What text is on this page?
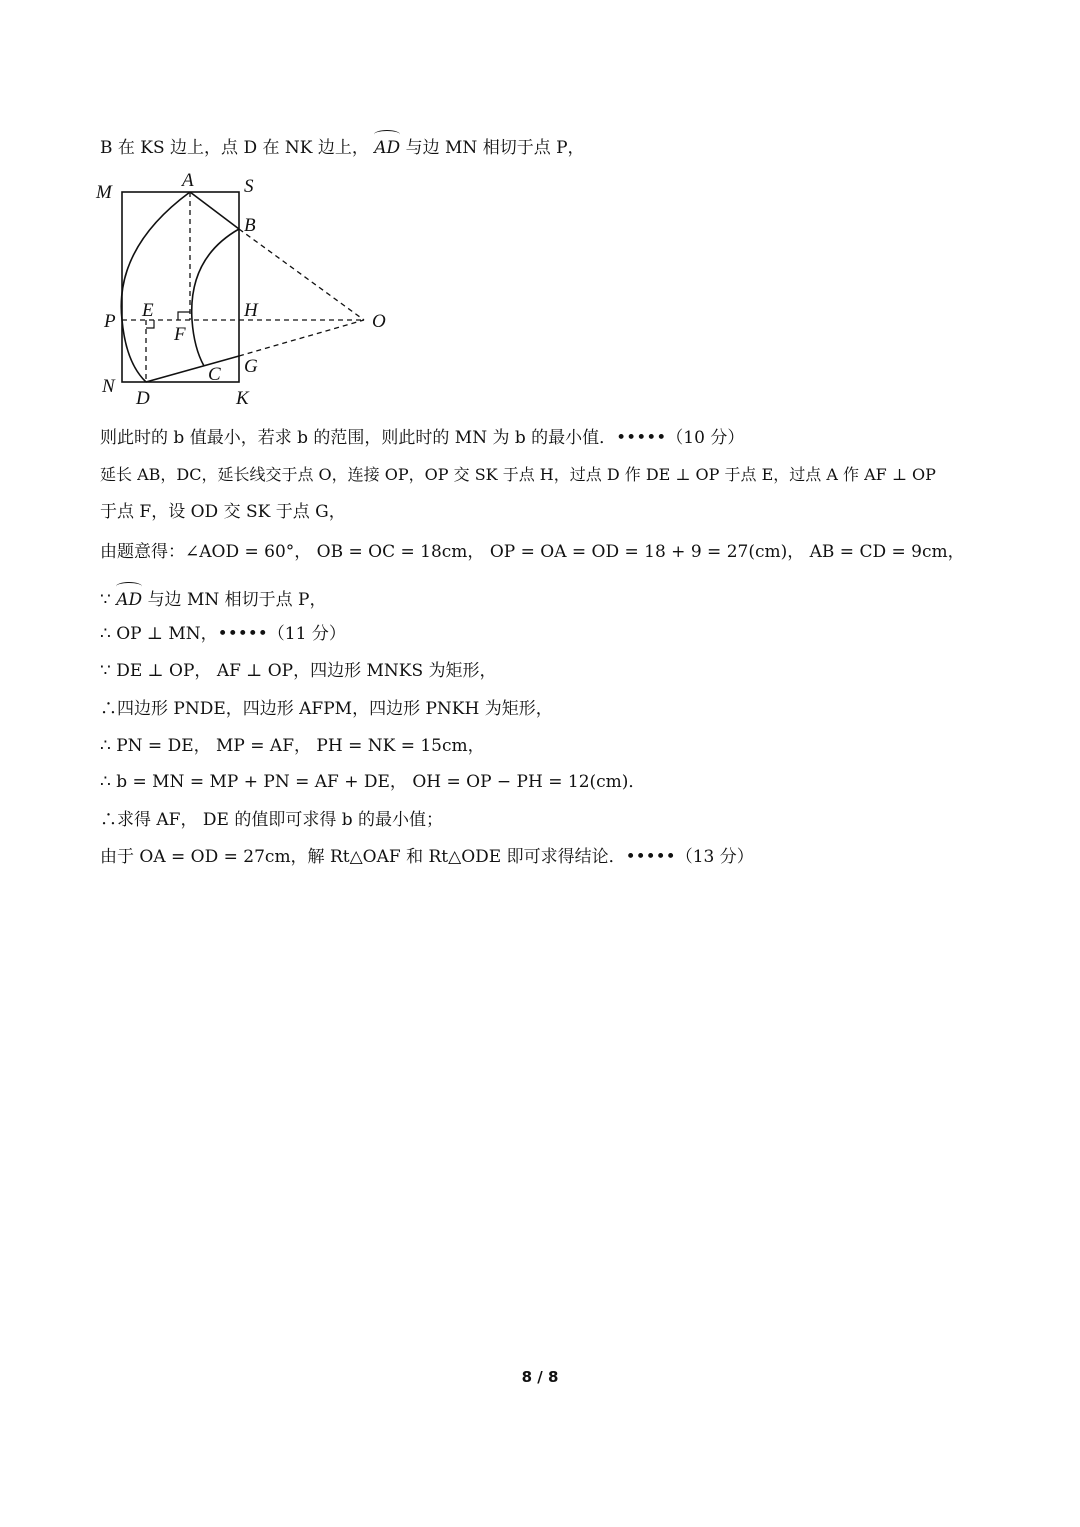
B 在 KS 边上，点 D 在 NK 边上， AD 与边 MN 相切于点 P，
M
A	S
B
P
E
F
H
O
G
C
N
D	K
则此时的 b 值最小，若求 b 的范围，则此时的 MN 为 b 的最小值．•••••（10 分）
延长 AB，DC，延长线交于点 O，连接 OP，OP 交 SK 于点 H，过点 D 作 DE ⊥ OP 于点 E，过点 A 作 AF ⊥ OP
于点 F，设 OD 交 SK 于点 G，
由题意得：∠AOD = 60°， OB = OC = 18cm， OP = OA = OD = 18 + 9 = 27(cm)， AB = CD = 9cm，
∵ AD 与边 MN 相切于点 P，
∴ OP ⊥ MN，•••••（11 分）
∵ DE ⊥ OP， AF ⊥ OP，四边形 MNKS 为矩形，
∴四边形 PNDE，四边形 AFPM，四边形 PNKH 为矩形，
∴ PN = DE， MP = AF， PH = NK = 15cm，
∴ b = MN = MP + PN = AF + DE， OH = OP − PH = 12(cm)．
∴求得 AF， DE 的值即可求得 b 的最小值；
由于 OA = OD = 27cm，解 Rt△OAF 和 Rt△ODE 即可求得结论．•••••（13 分）
8 / 8
